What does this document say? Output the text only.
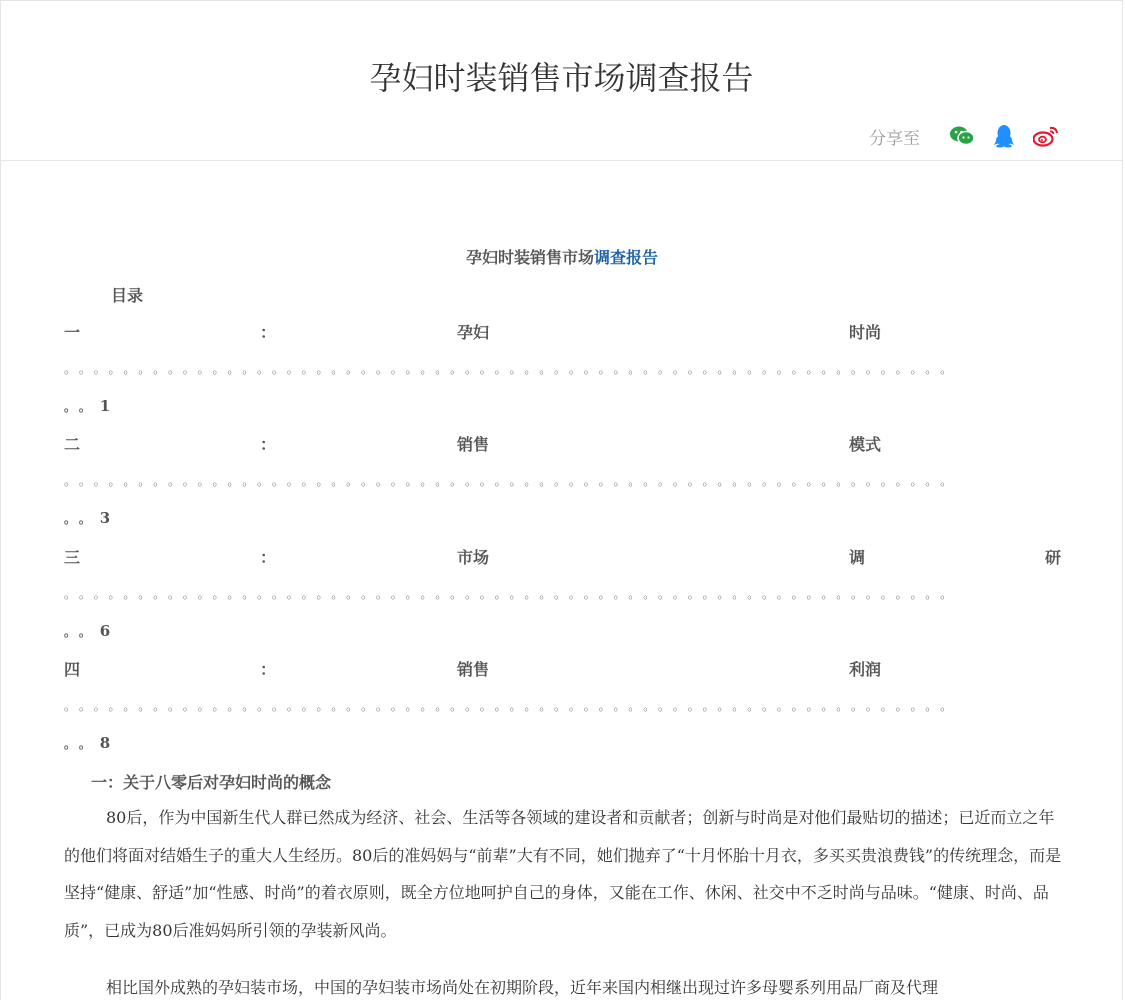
孕妇时装销售市场调查报告
分享至
孕妇时装销售市场调查报告
目录
一	：	孕妇	时尚
。。。。。。。。。。。。。。。。。。。。。。。。。。。。。。。。。。。。。。。。。。。。。。。。。。。。。。。。。。。。
。。1
二	：	销售	模式
。。。。。。。。。。。。。。。。。。。。。。。。。。。。。。。。。。。。。。。。。。。。。。。。。。。。。。。。。。。。
。。3
三	：	市场	调	研
。。。。。。。。。。。。。。。。。。。。。。。。。。。。。。。。。。。。。。。。。。。。。。。。。。。。。。。。。。。。
。。6
四	：	销售	利润
。。。。。。。。。。。。。。。。。。。。。。。。。。。。。。。。。。。。。。。。。。。。。。。。。。。。。。。。。。。。
。。8
一：关于八零后对孕妇时尚的概念
80后，作为中国新生代人群已然成为经济、社会、生活等各领域的建设者和贡献者；创新与时尚是对他们最贴切的描述；已近而立之年的他们将面对结婚生子的重大人生经历。80后的准妈妈与“前辈”大有不同，她们抛弃了“十月怀胎十月衣，多买买贵浪费钱”的传统理念，而是坚持“健康、舒适”加“性感、时尚”的着衣原则，既全方位地呵护自己的身体，又能在工作、休闲、社交中不乏时尚与品味。“健康、时尚、品质”，已成为80后准妈妈所引领的孕装新风尚。
相比国外成熟的孕妇装市场，中国的孕妇装市场尚处在初期阶段，近年来国内相继出现过许多母婴系列用品厂商及代理
